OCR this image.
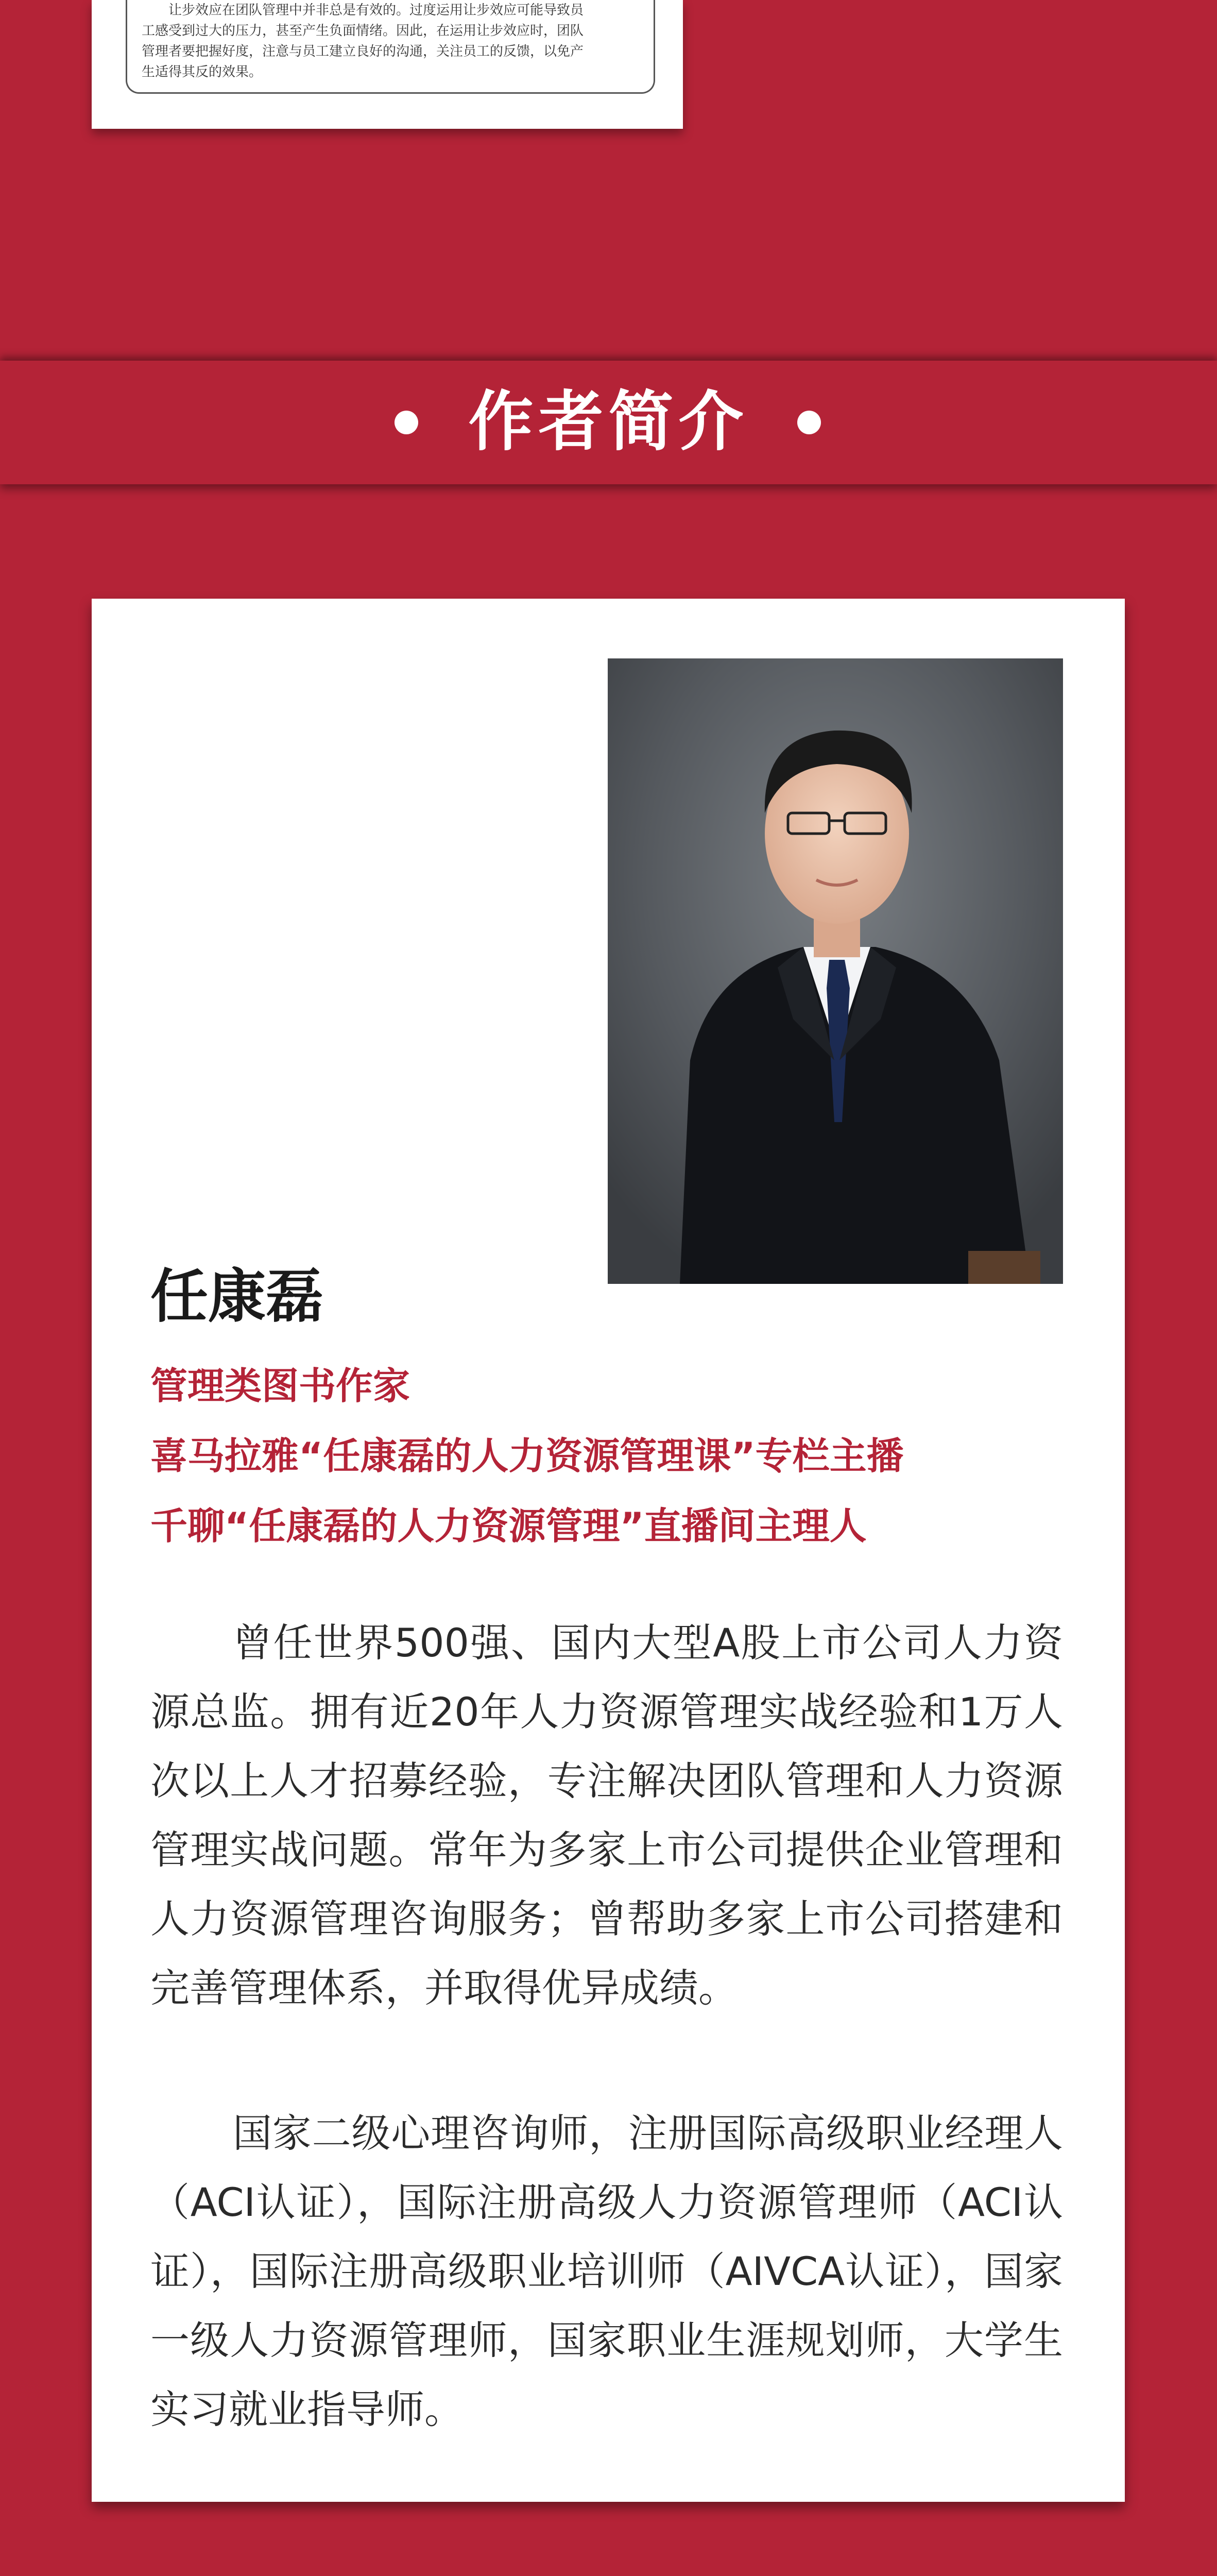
让步效应在团队管理中并非总是有效的。过度运用让步效应可能导致员

工感受到过大的压力，甚至产生负面情绪。因此，在运用让步效应时，团队

管理者要把握好度，注意与员工建立良好的沟通，关注员工的反馈，以免产

生适得其反的效果。

作者简介
任康磊
管理类图书作家
喜马拉雅“任康磊的人力资源管理课”专栏主播
千聊“任康磊的人力资源管理”直播间主理人

曾任世界500强、国内大型A股上市公司人力资源总监。拥有近20年人力资源管理实战经验和1万人次以上人才招募经验，专注解决团队管理和人力资源管理实战问题。常年为多家上市公司提供企业管理和人力资源管理咨询服务；曾帮助多家上市公司搭建和完善管理体系，并取得优异成绩。

国家二级心理咨询师，注册国际高级职业经理人（ACI认证），国际注册高级人力资源管理师（ACI认证），国际注册高级职业培训师（AIVCA认证），国家一级人力资源管理师，国家职业生涯规划师，大学生实习就业指导师。
